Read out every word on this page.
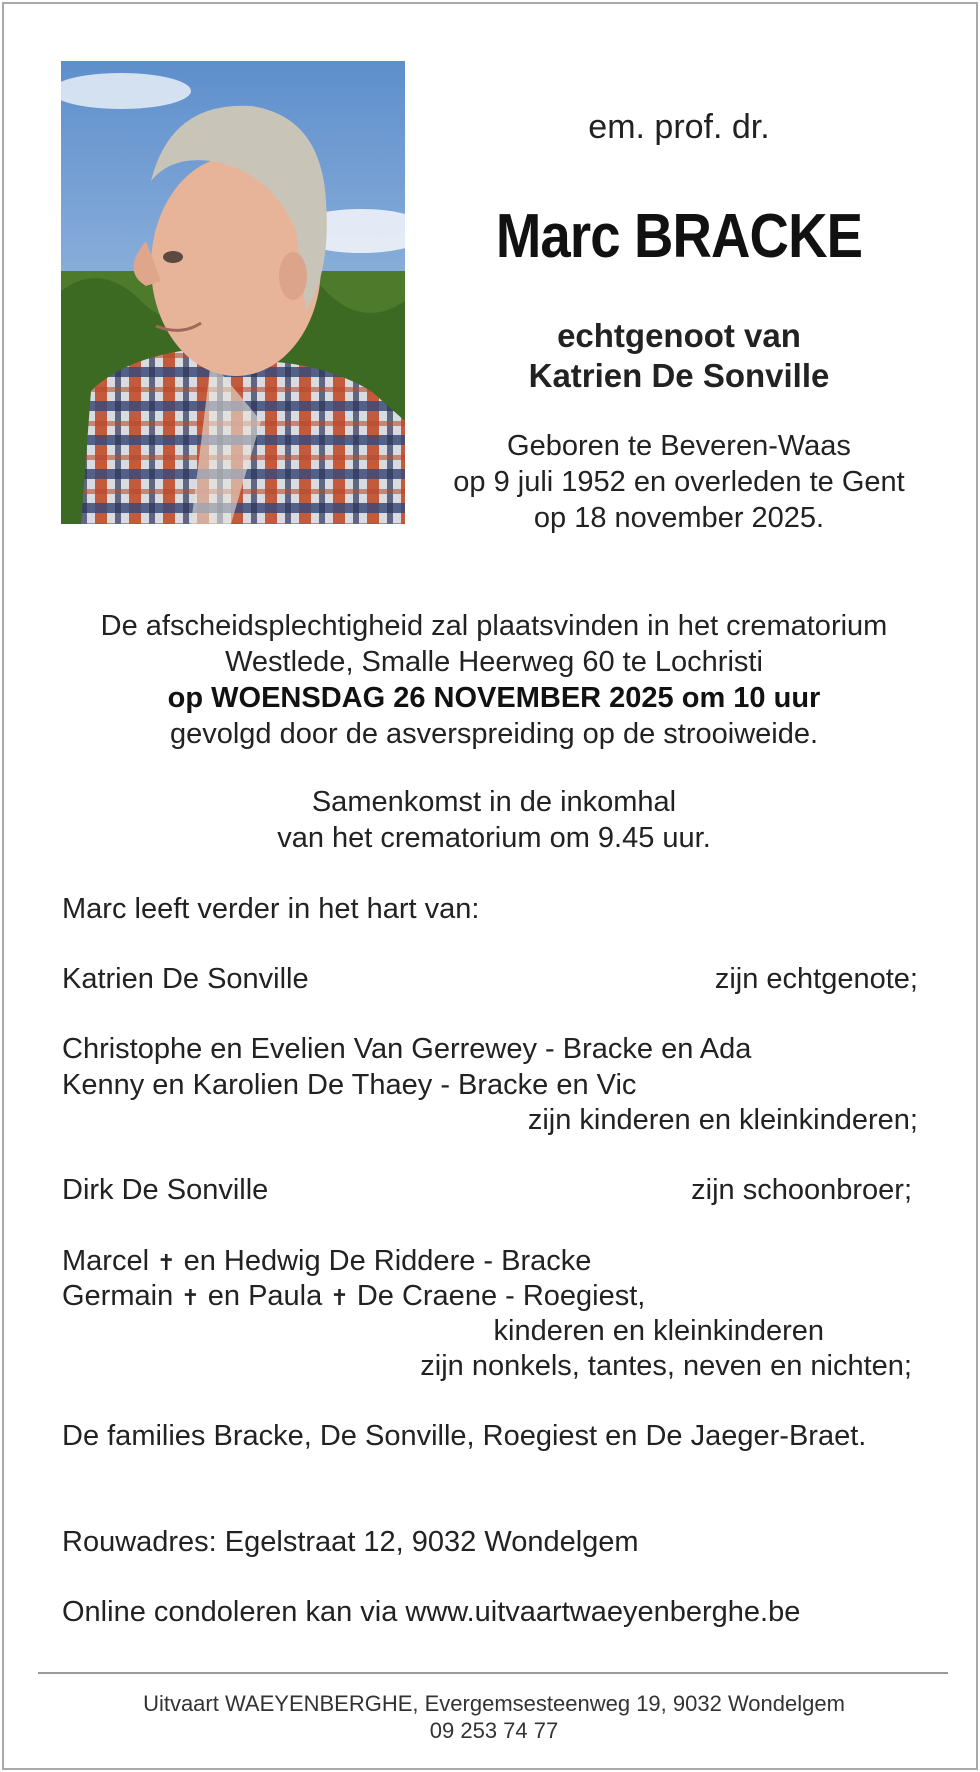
em. prof. dr.
Marc BRACKE
echtgenoot van
Katrien De Sonville
Geboren te Beveren-Waas
op 9 juli 1952 en overleden te Gent
op 18 november 2025.
De afscheidsplechtigheid zal plaatsvinden in het crematorium
Westlede, Smalle Heerweg 60 te Lochristi
op WOENSDAG 26 NOVEMBER 2025 om 10 uur
gevolgd door de asverspreiding op de strooiweide.
Samenkomst in de inkomhal
van het crematorium om 9.45 uur.
Marc leeft verder in het hart van:
Katrien De Sonville	zijn echtgenote;
Christophe en Evelien Van Gerrewey - Bracke en Ada
Kenny en Karolien De Thaey - Bracke en Vic
zijn kinderen en kleinkinderen;
Dirk De Sonville	zijn schoonbroer;
Marcel ✝ en Hedwig De Riddere - Bracke
Germain ✝ en Paula ✝ De Craene - Roegiest,
kinderen en kleinkinderen
zijn nonkels, tantes, neven en nichten;
De families Bracke, De Sonville, Roegiest en De Jaeger-Braet.
Rouwadres: Egelstraat 12, 9032 Wondelgem
Online condoleren kan via www.uitvaartwaeyenberghe.be
Uitvaart WAEYENBERGHE, Evergemsesteenweg 19, 9032 Wondelgem
09 253 74 77
